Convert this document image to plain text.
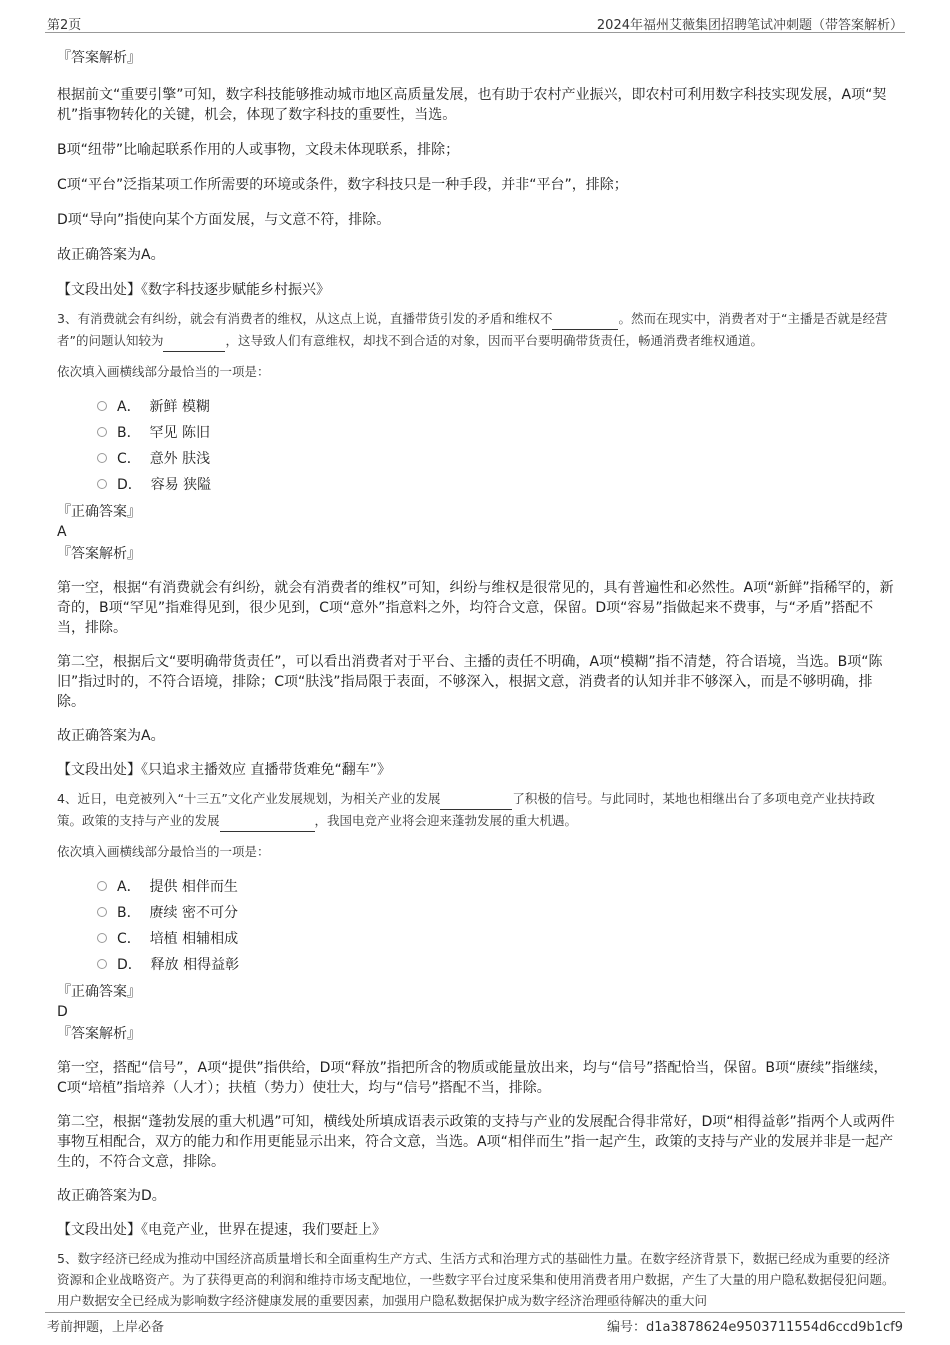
第2页	2024年福州艾薇集团招聘笔试冲刺题（带答案解析）
『答案解析』

根据前文“重要引擎”可知，数字科技能够推动城市地区高质量发展，也有助于农村产业振兴，即农村可利用数字科技实现发展，A项“契机”指事物转化的关键，机会，体现了数字科技的重要性，当选。

B项“纽带”比喻起联系作用的人或事物，文段未体现联系，排除；

C项“平台”泛指某项工作所需要的环境或条件，数字科技只是一种手段，并非“平台”，排除；

D项“导向”指使向某个方面发展，与文意不符，排除。

故正确答案为A。

【文段出处】《数字科技逐步赋能乡村振兴》

3、有消费就会有纠纷，就会有消费者的维权，从这点上说，直播带货引发的矛盾和维权不	。然而在现实中，消费者对于“主播是否就是经营者”的问题认知较为	，这导致人们有意维权，却找不到合适的对象，因而平台要明确带货责任，畅通消费者维权通道。

依次填入画横线部分最恰当的一项是：

A． 新鲜 模糊
B． 罕见 陈旧
C． 意外 肤浅
D． 容易 狭隘
『正确答案』
A
『答案解析』

第一空，根据“有消费就会有纠纷，就会有消费者的维权”可知，纠纷与维权是很常见的，具有普遍性和必然性。A项“新鲜”指稀罕的，新奇的，B项“罕见”指难得见到，很少见到，C项“意外”指意料之外，均符合文意，保留。D项“容易”指做起来不费事，与“矛盾”搭配不当，排除。

第二空，根据后文“要明确带货责任”，可以看出消费者对于平台、主播的责任不明确，A项“模糊”指不清楚，符合语境，当选。B项“陈旧”指过时的，不符合语境，排除；C项“肤浅”指局限于表面，不够深入，根据文意，消费者的认知并非不够深入，而是不够明确，排除。

故正确答案为A。

【文段出处】《只追求主播效应 直播带货难免“翻车”》

4、近日，电竞被列入“十三五”文化产业发展规划，为相关产业的发展	了积极的信号。与此同时，某地也相继出台了多项电竞产业扶持政策。政策的支持与产业的发展	，我国电竞产业将会迎来蓬勃发展的重大机遇。

依次填入画横线部分最恰当的一项是：

A． 提供 相伴而生
B． 赓续 密不可分
C． 培植 相辅相成
D． 释放 相得益彰
『正确答案』
D
『答案解析』

第一空，搭配“信号”，A项“提供”指供给，D项“释放”指把所含的物质或能量放出来，均与“信号”搭配恰当，保留。B项“赓续”指继续，C项“培植”指培养（人才）；扶植（势力）使壮大，均与“信号”搭配不当，排除。

第二空，根据“蓬勃发展的重大机遇”可知，横线处所填成语表示政策的支持与产业的发展配合得非常好，D项“相得益彰”指两个人或两件事物互相配合，双方的能力和作用更能显示出来，符合文意，当选。A项“相伴而生”指一起产生，政策的支持与产业的发展并非是一起产生的，不符合文意，排除。

故正确答案为D。

【文段出处】《电竞产业，世界在提速，我们要赶上》

5、数字经济已经成为推动中国经济高质量增长和全面重构生产方式、生活方式和治理方式的基础性力量。在数字经济背景下，数据已经成为重要的经济资源和企业战略资产。为了获得更高的利润和维持市场支配地位，一些数字平台过度采集和使用消费者用户数据，产生了大量的用户隐私数据侵犯问题。用户数据安全已经成为影响数字经济健康发展的重要因素，加强用户隐私数据保护成为数字经济治理亟待解决的重大问

考前押题，上岸必备	编号：d1a3878624e9503711554d6ccd9b1cf9
